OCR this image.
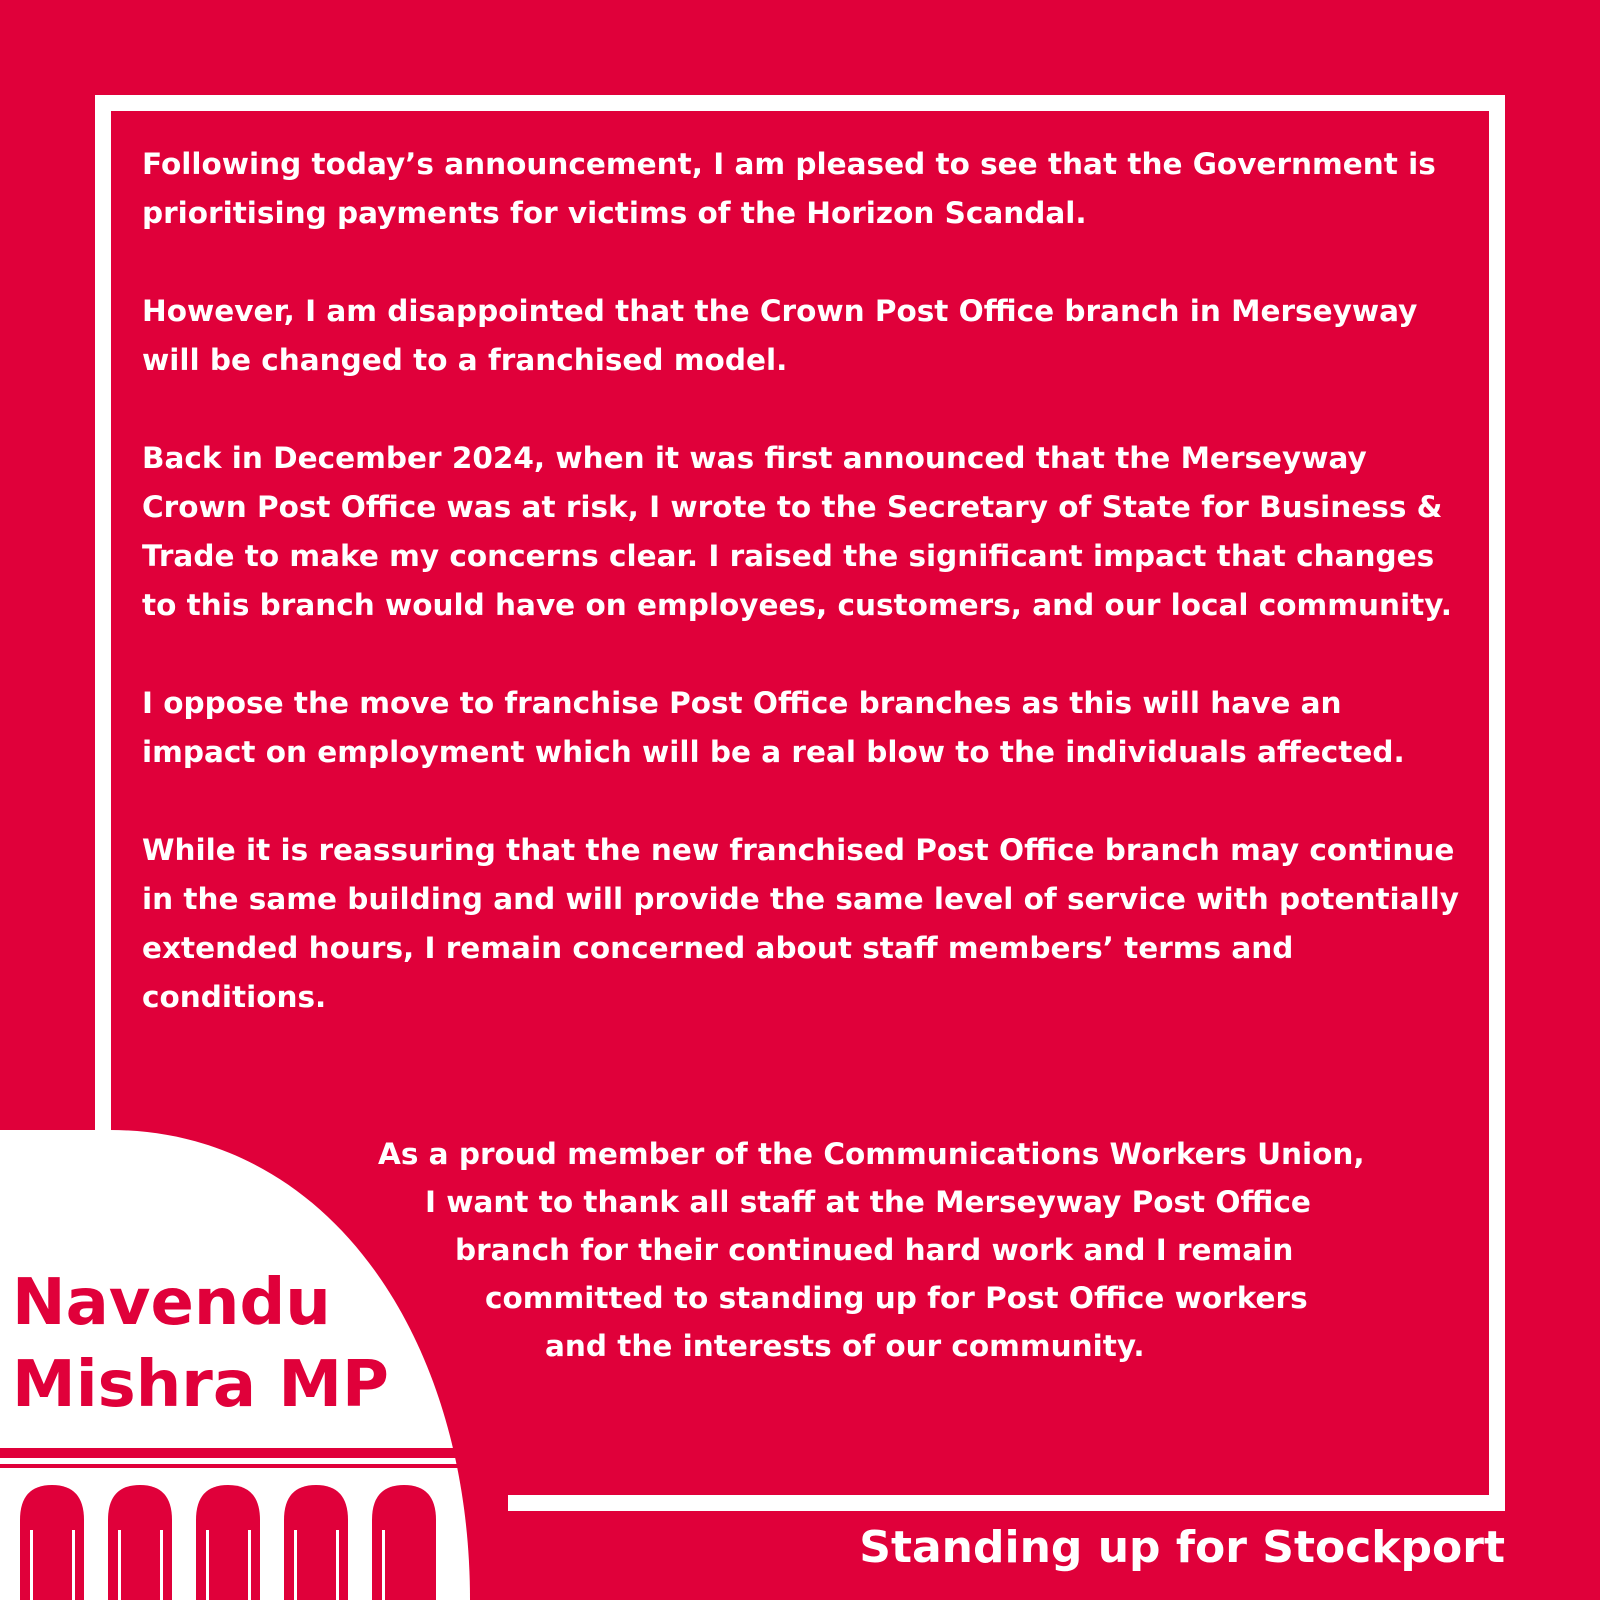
Following today’s announcement, I am pleased to see that the Government is prioritising payments for victims of the Horizon Scandal.

However, I am disappointed that the Crown Post Office branch in Merseyway will be changed to a franchised model.

Back in December 2024, when it was first announced that the Merseyway Crown Post Office was at risk, I wrote to the Secretary of State for Business & Trade to make my concerns clear. I raised the significant impact that changes to this branch would have on employees, customers, and our local community.

I oppose the move to franchise Post Office branches as this will have an impact on employment which will be a real blow to the individuals affected.

While it is reassuring that the new franchised Post Office branch may continue in the same building and will provide the same level of service with potentially extended hours, I remain concerned about staff members’ terms and conditions.

As a proud member of the Communications Workers Union,
I want to thank all staff at the Merseyway Post Office
branch for their continued hard work and I remain
committed to standing up for Post Office workers
and the interests of our community.
Navendu
Mishra MP
Standing up for Stockport
